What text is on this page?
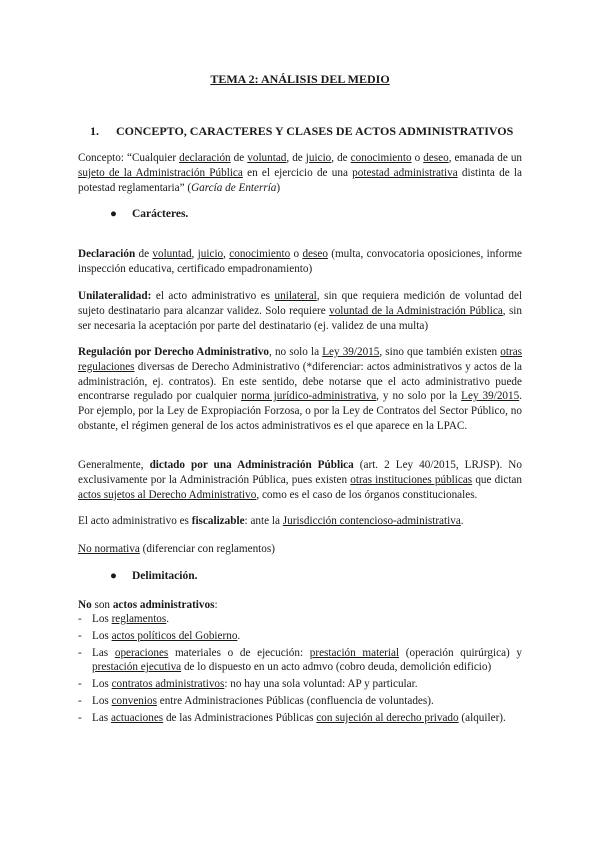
TEMA 2: ANÁLISIS DEL MEDIO
1. CONCEPTO, CARACTERES Y CLASES DE ACTOS ADMINISTRATIVOS

Concepto: “Cualquier declaración de voluntad, de juicio, de conocimiento o deseo, emanada de un sujeto de la Administración Pública en el ejercicio de una potestad administrativa distinta de la potestad reglamentaria” (García de Enterría)

● Carácteres.

Declaración de voluntad, juicio, conocimiento o deseo (multa, convocatoria oposiciones, informe inspección educativa, certificado empadronamiento)

Unilateralidad: el acto administrativo es unilateral, sin que requiera medición de voluntad del sujeto destinatario para alcanzar validez. Solo requiere voluntad de la Administración Pública, sin ser necesaria la aceptación por parte del destinatario (ej. validez de una multa)

Regulación por Derecho Administrativo, no solo la Ley 39/2015, sino que también existen otras regulaciones diversas de Derecho Administrativo (*diferenciar: actos administrativos y actos de la administración, ej. contratos). En este sentido, debe notarse que el acto administrativo puede encontrarse regulado por cualquier norma jurídico-administrativa, y no solo por la Ley 39/2015. Por ejemplo, por la Ley de Expropiación Forzosa, o por la Ley de Contratos del Sector Público, no obstante, el régimen general de los actos administrativos es el que aparece en la LPAC.

Generalmente, dictado por una Administración Pública (art. 2 Ley 40/2015, LRJSP). No exclusivamente por la Administración Pública, pues existen otras instituciones públicas que dictan actos sujetos al Derecho Administrativo, como es el caso de los órganos constitucionales.

El acto administrativo es fiscalizable: ante la Jurisdicción contencioso-administrativa.

No normativa (diferenciar con reglamentos)

● Delimitación.

No son actos administrativos:

- Los reglamentos.
- Los actos políticos del Gobierno.
- Las operaciones materiales o de ejecución: prestación material (operación quirúrgica) y prestación ejecutiva de lo dispuesto en un acto admvo (cobro deuda, demolición edificio)
- Los contratos administrativos: no hay una sola voluntad: AP y particular.
- Los convenios entre Administraciones Públicas (confluencia de voluntades).
- Las actuaciones de las Administraciones Públicas con sujeción al derecho privado (alquiler).
